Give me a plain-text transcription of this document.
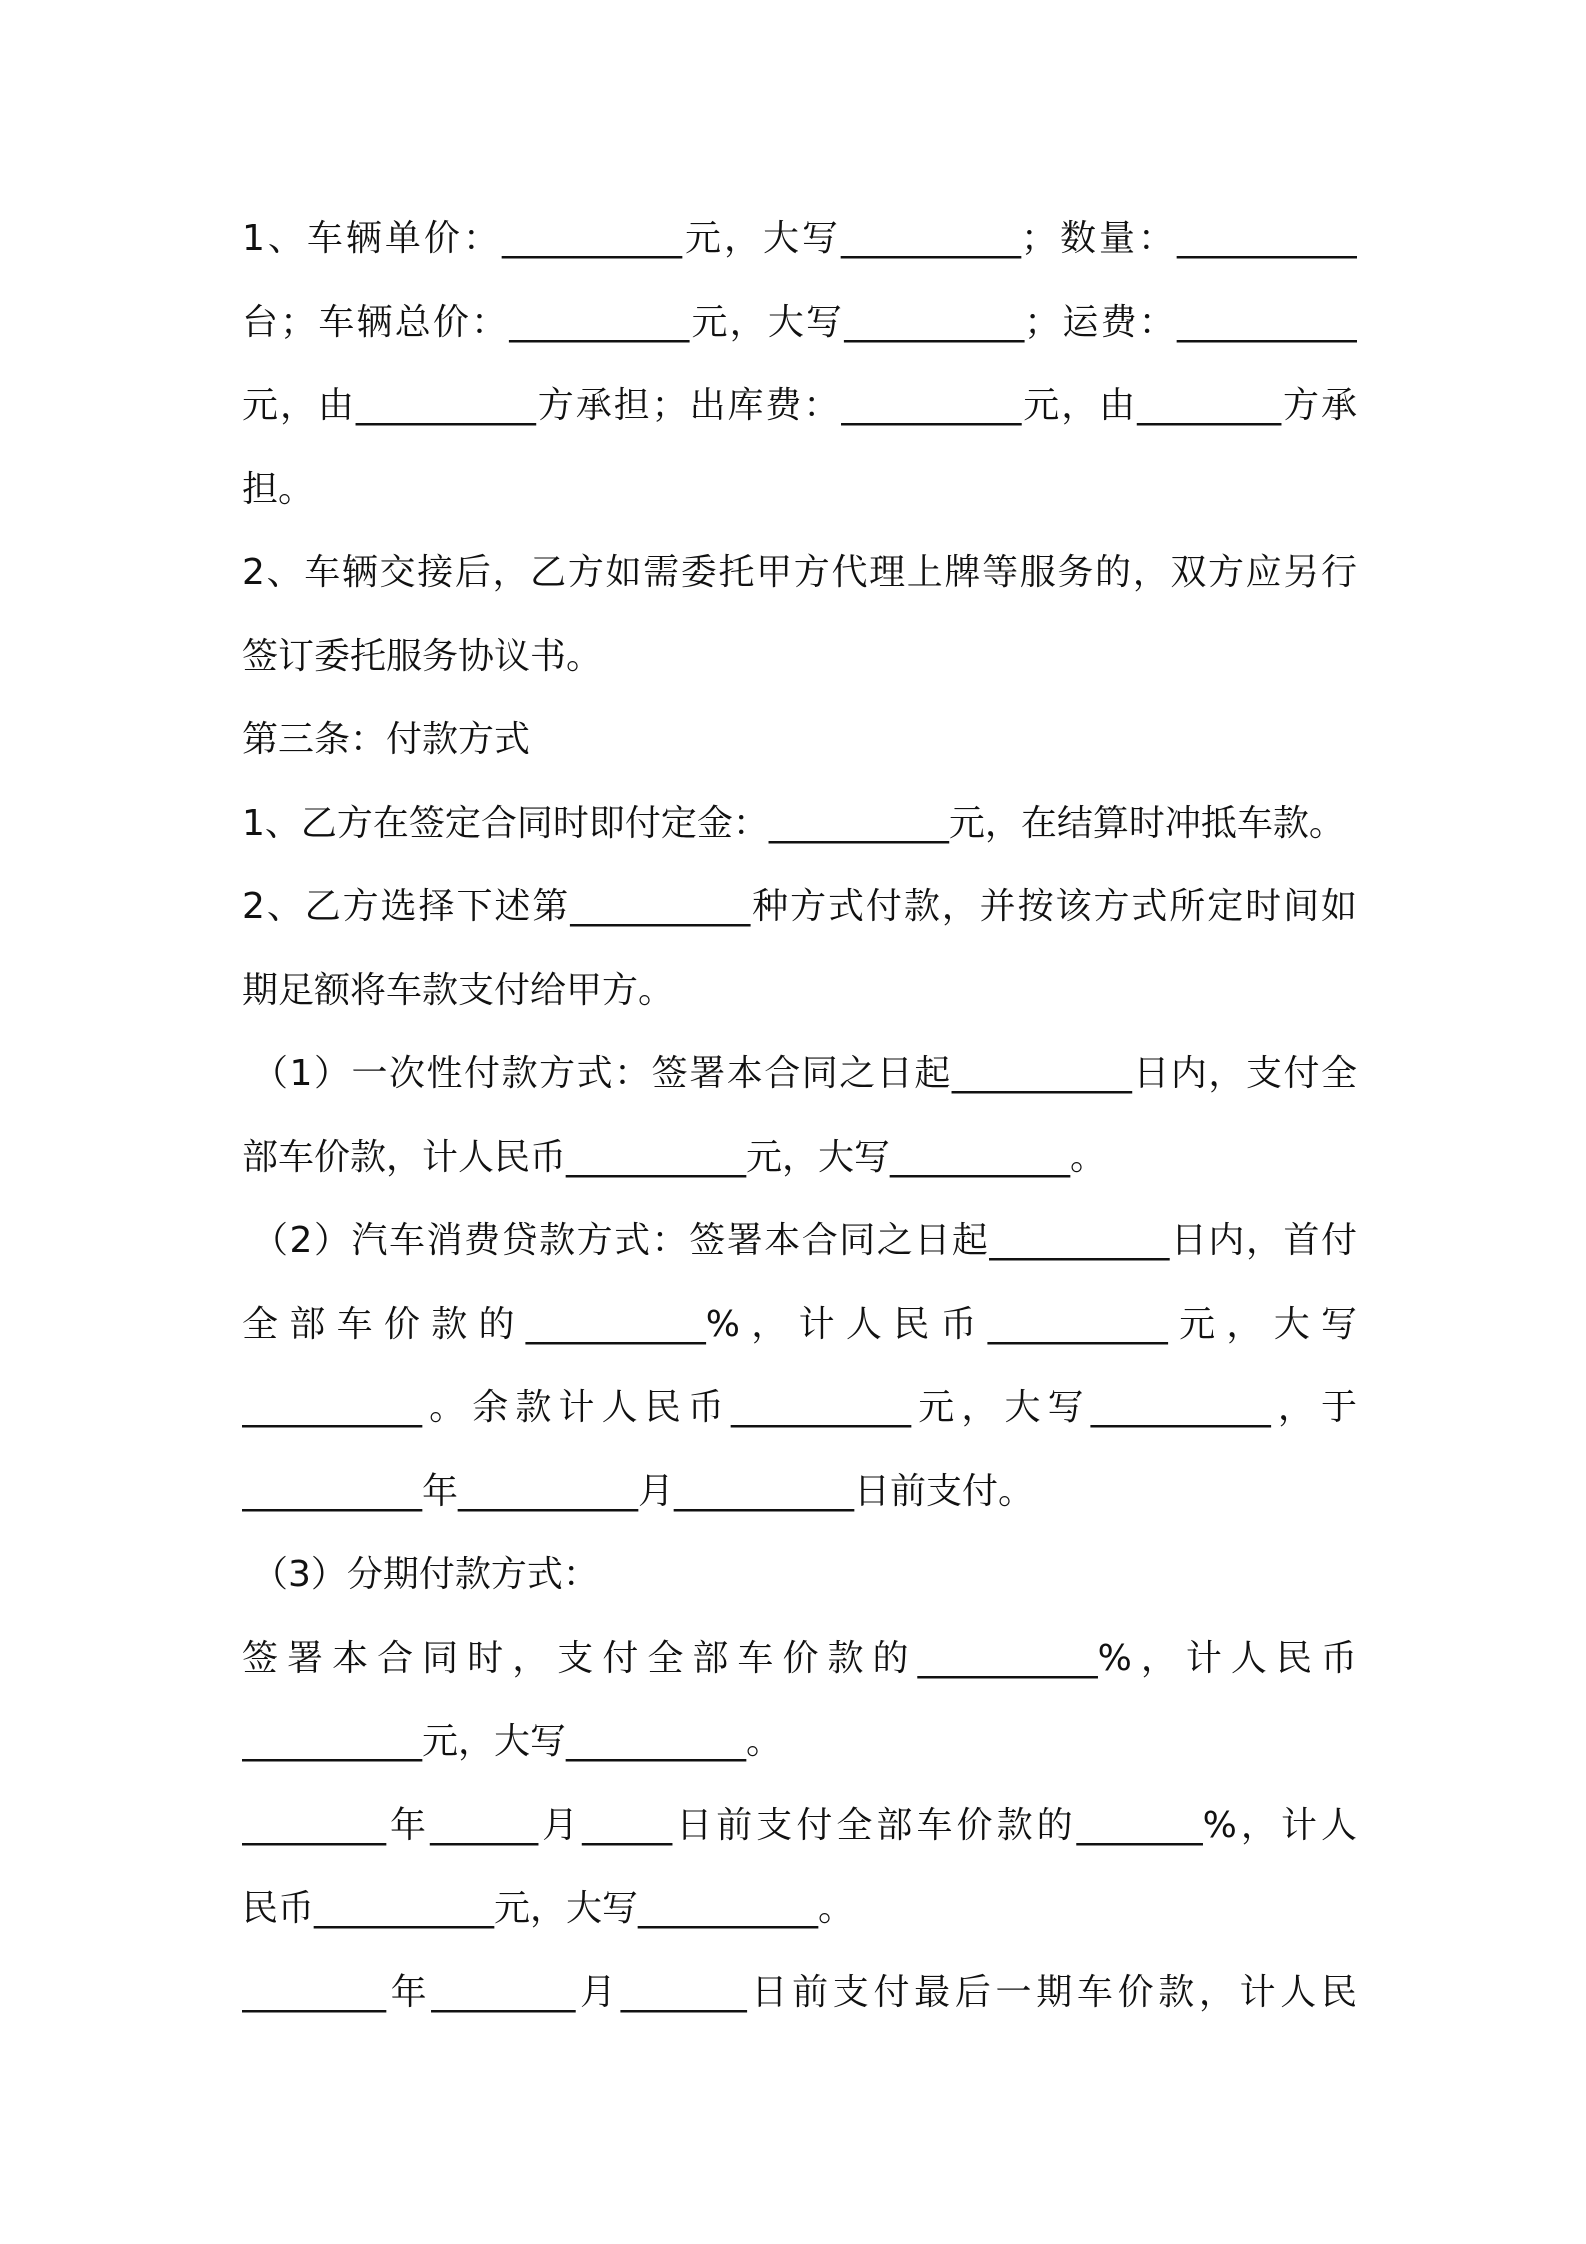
1、车辆单价：__________元，大写__________；数量：__________
台；车辆总价：__________元，大写__________；运费：__________
元，由__________方承担；出库费：__________元，由________方承
担。
2、车辆交接后，乙方如需委托甲方代理上牌等服务的，双方应另行
签订委托服务协议书。
第三条：付款方式
1、乙方在签定合同时即付定金：__________元，在结算时冲抵车款。
2、乙方选择下述第__________种方式付款，并按该方式所定时间如
期足额将车款支付给甲方。
（1）一次性付款方式：签署本合同之日起__________日内，支付全
部车价款，计人民币__________元，大写__________。
（2）汽车消费贷款方式：签署本合同之日起__________日内，首付
全部车价款的__________%，计人民币__________元，大写
__________。余款计人民币__________元，大写__________，于
__________年__________月__________日前支付。
（3）分期付款方式：
签署本合同时，支付全部车价款的__________%，计人民币
__________元，大写__________。
________年______月_____日前支付全部车价款的_______%，计人
民币__________元，大写__________。
________年________月_______日前支付最后一期车价款，计人民
